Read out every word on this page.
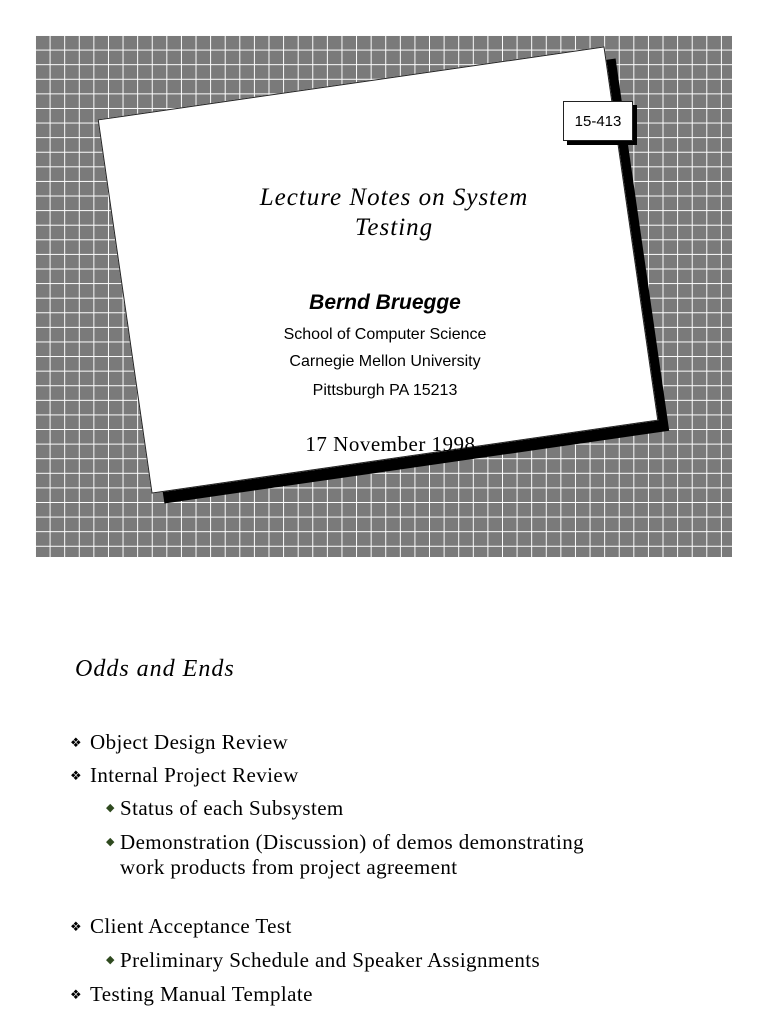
15-413
Lecture Notes on System
Testing
Bernd Bruegge
School of Computer Science
Carnegie Mellon University
Pittsburgh PA 15213
17 November 1998
Odds and Ends
❖ Object Design Review
❖ Internal Project Review
◆ Status of each Subsystem
◆ Demonstration (Discussion) of demos demonstrating work products from project agreement
❖ Client Acceptance Test
◆ Preliminary Schedule and Speaker Assignments
❖ Testing Manual Template
